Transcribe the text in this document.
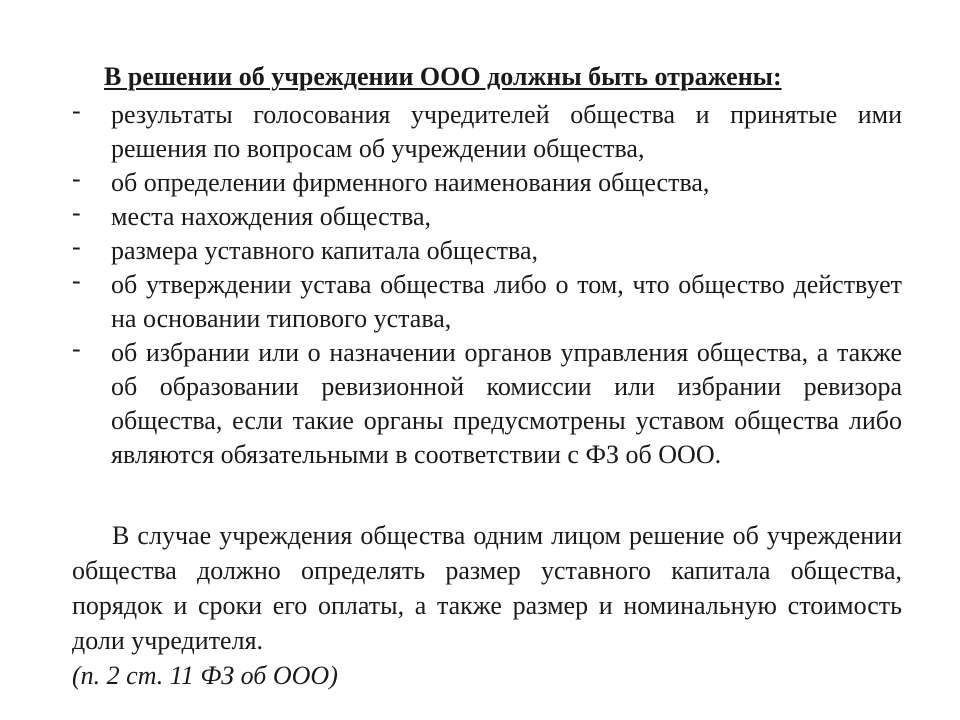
В решении об учреждении ООО должны быть отражены:
- результаты голосования учредителей общества и принятые ими решения по вопросам об учреждении общества,
- об определении фирменного наименования общества,
- места нахождения общества,
- размера уставного капитала общества,
- об утверждении устава общества либо о том, что общество действует на основании типового устава,
- об избрании или о назначении органов управления общества, а также об образовании ревизионной комиссии или избрании ревизора общества, если такие органы предусмотрены уставом общества либо являются обязательными в соответствии с ФЗ об ООО.

В случае учреждения общества одним лицом решение об учреждении общества должно определять размер уставного капитала общества, порядок и сроки его оплаты, а также размер и номинальную стоимость доли учредителя.

(п. 2 ст. 11 ФЗ об ООО)
